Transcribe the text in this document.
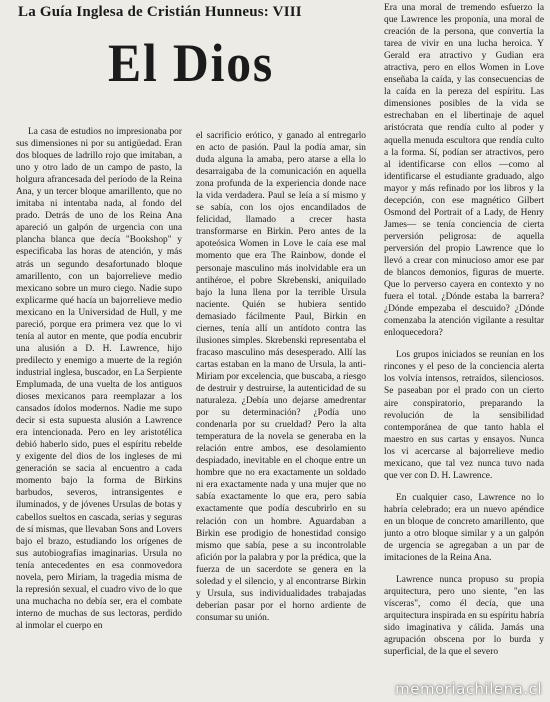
La Guía Inglesa de Cristián Hunneus: VIII
El Dios

La casa de estudios no impresionaba por sus dimensiones ni por su antigüedad. Eran dos bloques de ladrillo rojo que imitaban, a uno y otro lado de un campo de pasto, la holgura afrancesada del período de la Reina Ana, y un tercer bloque amarillento, que no imitaba ni intentaba nada, al fondo del prado. Detrás de uno de los Reina Ana apareció un galpón de urgencia con una plancha blanca que decía "Bookshop" y especificaba las horas de atención, y más atrás un segundo desafortunado bloque amarillento, con un bajorrelieve medio mexicano sobre un muro ciego. Nadie supo explicarme qué hacía un bajorrelieve medio mexicano en la Universidad de Hull, y me pareció, porque era primera vez que lo vi tenía al autor en mente, que podía encubrir una alusión a D. H. Lawrence, hijo predilecto y enemigo a muerte de la región industrial inglesa, buscador, en La Serpiente Emplumada, de una vuelta de los antiguos dioses mexicanos para reemplazar a los cansados ídolos modernos. Nadie me supo decir si esta supuesta alusión a Lawrence era intencionada. Pero en ley aristotélica debió haberlo sido, pues el espíritu rebelde y exigente del dios de los ingleses de mi generación se sacia al encuentro a cada momento bajo la forma de Birkins barbudos, severos, intransigentes e iluminados, y de jóvenes Ursulas de botas y cabellos sueltos en cascada, serias y seguras de sí mismas, que llevaban Sons and Lovers bajo el brazo, estudiando los orígenes de sus autobiografías imaginarias. Ursula no tenía antecedentes en esa conmovedora novela, pero Miriam, la tragedia misma de la represión sexual, el cuadro vivo de lo que una muchacha no debía ser, era el combate interno de muchas de sus lectoras, perdido al inmolar el cuerpo en

el sacrificio erótico, y ganado al entregarlo en acto de pasión. Paul la podía amar, sin duda alguna la amaba, pero atarse a ella lo desarraigaba de la comunicación en aquella zona profunda de la experiencia donde nace la vida verdadera. Paul se leía a sí mismo y se sabía, con los ojos encandilados de felicidad, llamado a crecer hasta transformarse en Birkin. Pero antes de la apoteósica Women in Love le caía ese mal momento que era The Rainbow, donde el personaje masculino más inolvidable era un antihéroe, el pobre Skrebenski, aniquilado bajo la luna llena por la terrible Ursula naciente. Quién se hubiera sentido demasiado fácilmente Paul, Birkin en ciernes, tenía allí un antídoto contra las ilusiones simples. Skrebenski representaba el fracaso masculino más desesperado. Allí las cartas estaban en la mano de Ursula, la anti-Miriam por excelencia, que buscaba, a riesgo de destruir y destruirse, la autenticidad de su naturaleza. ¿Debía uno dejarse amedrentar por su determinación? ¿Podía uno condenarla por su crueldad? Pero la alta temperatura de la novela se generaba en la relación entre ambos, ese desolamiento despiadado, inevitable en el choque entre un hombre que no era exactamente un soldado ni era exactamente nada y una mujer que no sabía exactamente lo que era, pero sabía exactamente que podía descubrirlo en su relación con un hombre. Aguardaban a Birkin ese prodigio de honestidad consigo mismo que sabía, pese a su incontrolable afición por la palabra y por la prédica, que la fuerza de un sacerdote se genera en la soledad y el silencio, y al encontrarse Birkin y Ursula, sus individualidades trabajadas deberían pasar por el horno ardiente de consumar su unión.

Era una moral de tremendo esfuerzo la que Lawrence les proponía, una moral de creación de la persona, que convertía la tarea de vivir en una lucha heroica. Y Gerald era atractivo y Gudian era atractiva, pero en ellos Women in Love enseñaba la caída, y las consecuencias de la caída en la pereza del espíritu. Las dimensiones posibles de la vida se estrechaban en el libertinaje de aquel aristócrata que rendía culto al poder y aquella menuda escultora que rendía culto a la forma. Sí, podían ser atractivos, pero al identificarse con ellos —como al identificarse el estudiante graduado, algo mayor y más refinado por los libros y la decepción, con ese magnético Gilbert Osmond del Portrait of a Lady, de Henry James— se tenía conciencia de cierta perversión peligrosa: de aquella perversión del propio Lawrence que lo llevó a crear con minucioso amor ese par de blancos demonios, figuras de muerte. Que lo perverso cayera en contexto y no fuera el total. ¿Dónde estaba la barrera? ¿Dónde empezaba el descuido? ¿Dónde comenzaba la atención vigilante a resultar enloquecedora?

Los grupos iniciados se reunían en los rincones y el peso de la conciencia alerta los volvía intensos, retraídos, silenciosos. Se paseaban por el prado con un cierto aire conspiratorio, preparando la revolución de la sensibilidad contemporánea de que tanto habla el maestro en sus cartas y ensayos. Nunca los vi acercarse al bajorrelieve medio mexicano, que tal vez nunca tuvo nada que ver con D. H. Lawrence.

En cualquier caso, Lawrence no lo habría celebrado; era un nuevo apéndice en un bloque de concreto amarillento, que junto a otro bloque similar y a un galpón de urgencia se agregaban a un par de imitaciones de la Reina Ana.

Lawrence nunca propuso su propia arquitectura, pero uno siente, "en las vísceras", como él decía, que una arquitectura inspirada en su espíritu habría sido imaginativa y cálida. Jamás una agrupación obscena por lo burda y superficial, de la que el severo

memoriachilena.cl
